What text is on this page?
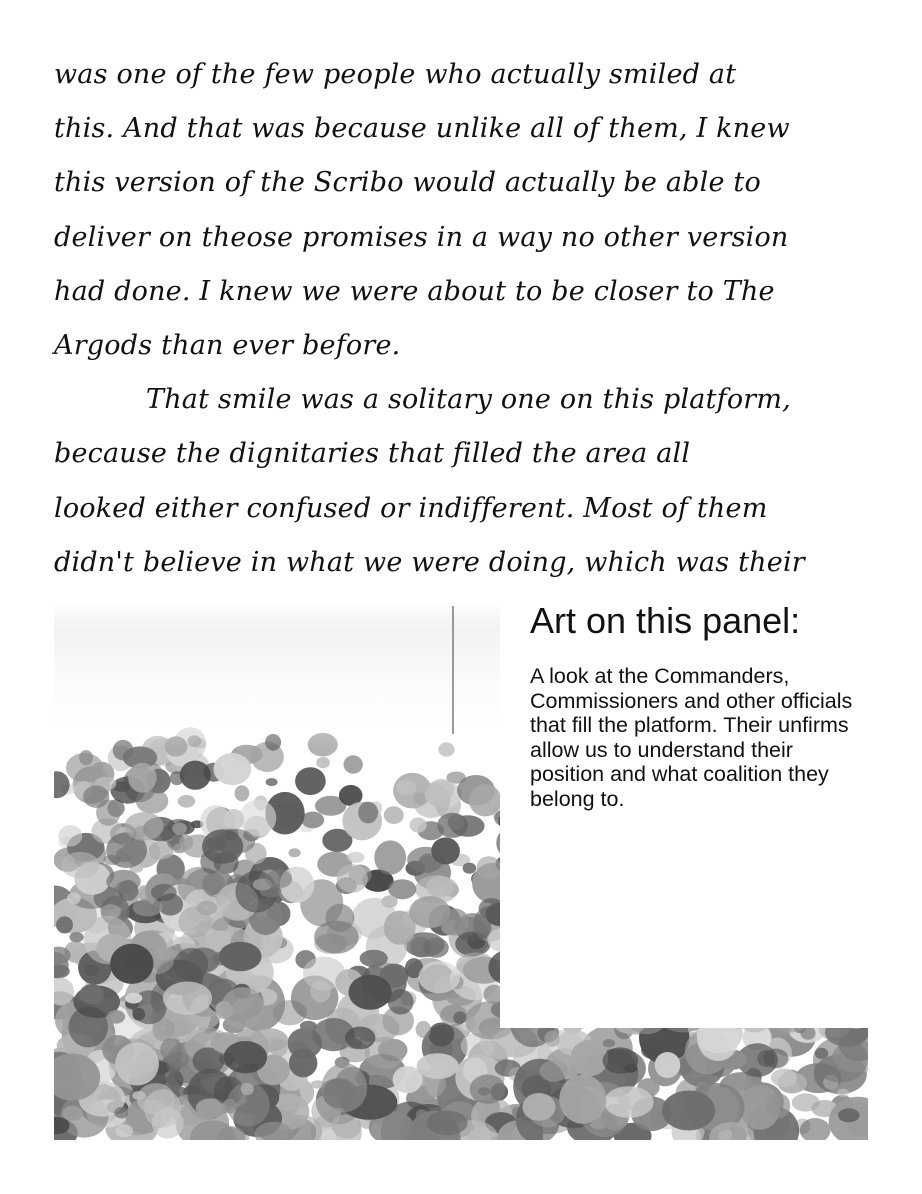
was one of the few people who actually smiled at
this. And that was because unlike all of them, I knew
this version of the Scribo would actually be able to
deliver on theose promises in a way no other version
had done. I knew we were about to be closer to The
Argods than ever before.
That smile was a solitary one on this platform,
because the dignitaries that filled the area all
looked either confused or indifferent. Most of them
didn't believe in what we were doing, which was their
Art on this panel:

A look at the Commanders, Commissioners and other officials that fill the platform. Their unfirms allow us to understand their position and what coalition they belong to.
